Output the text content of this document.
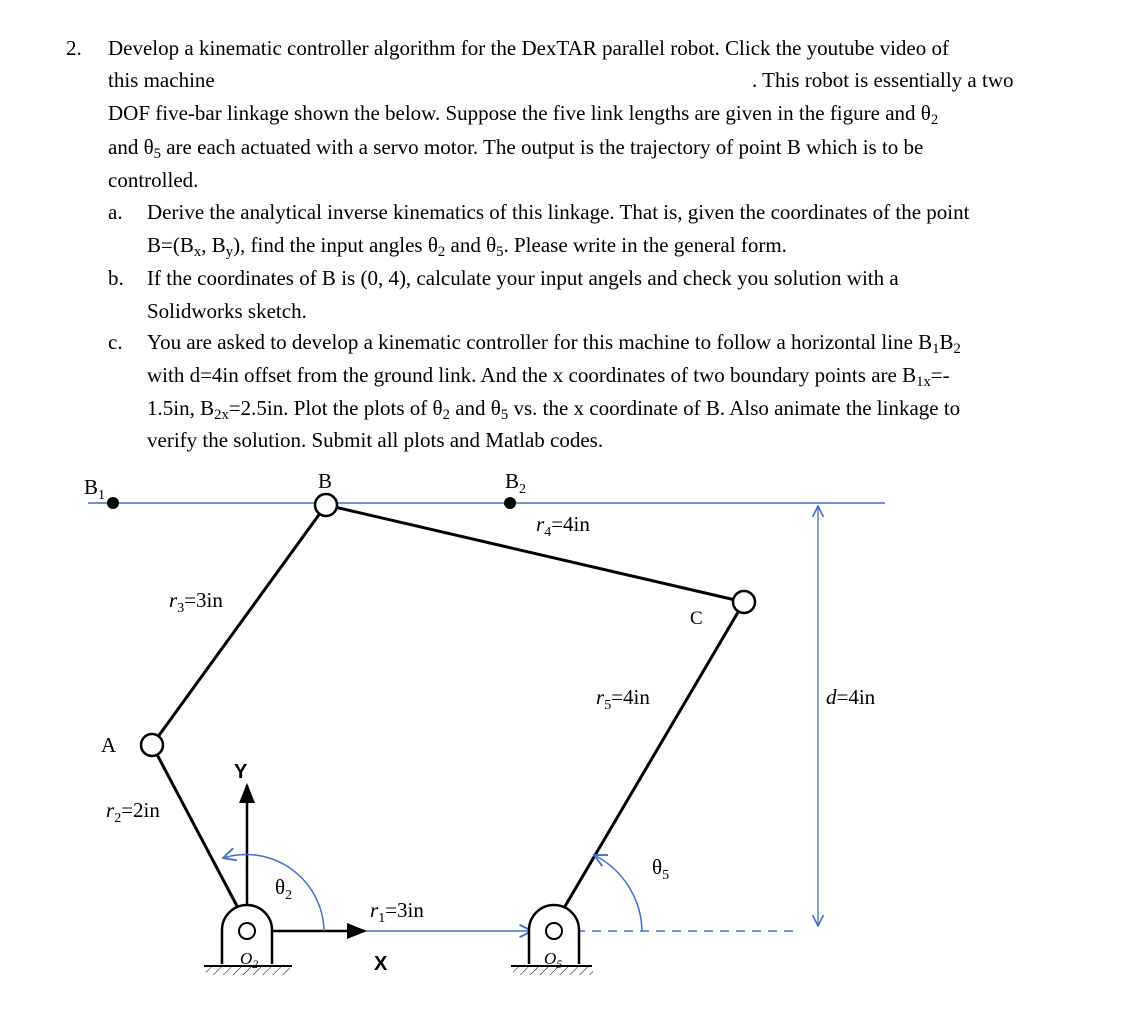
2. Develop a kinematic controller algorithm for the DexTAR parallel robot. Click the youtube video of
this machine	. This robot is essentially a two
DOF five-bar linkage shown the below. Suppose the five link lengths are given in the figure and $\theta_2$
and $\theta_5$ are each actuated with a servo motor. The output is the trajectory of point B which is to be
controlled.
a. Derive the analytical inverse kinematics of this linkage. That is, given the coordinates of the point
$B=(B_x$, $B_y$), find the input angles $\theta_2$ and $\theta_5$. Please write in the general form.
b. If the coordinates of B is (0, 4), calculate your input angels and check you solution with a
Solidworks sketch.
c. You are asked to develop a kinematic controller for this machine to follow a horizontal line $B_1B_2$
with d=4in offset from the ground link. And the x coordinates of two boundary points are $B_{1x}=-$
1.5in, $B_{2x}=2.5in$. Plot the plots of $\theta_2$ and $\theta_5$ vs. the x coordinate of B. Also animate the linkage to
verify the solution. Submit all plots and Matlab codes.
$B_1$
B	$B_2$
A
C
$r_4=4in$
$r_3=3in$
$r_5=4in$
$r_2=2in$
$r_1=3in$
d=4in
$\theta_2$
$\theta_5$
$O_2$	$O_5$
X
Y
